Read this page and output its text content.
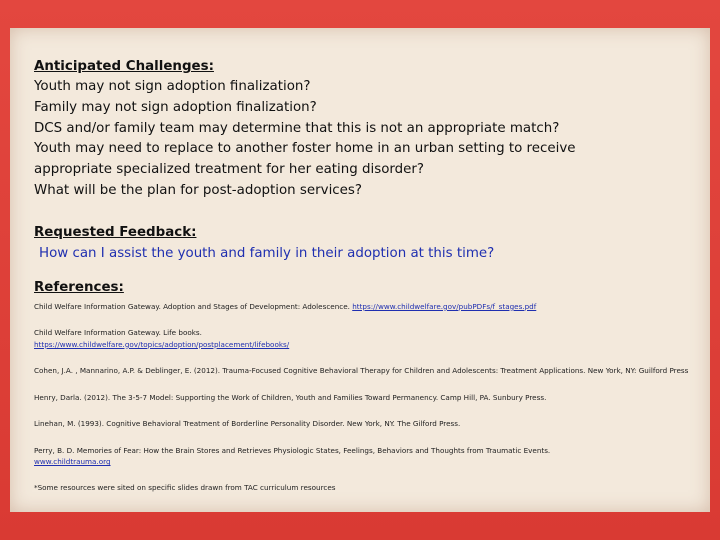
Anticipated Challenges:

Youth may not sign adoption finalization?

Family may not sign adoption finalization?

DCS and/or family team may determine that this is not an appropriate match?

Youth may need to replace to another foster home in an urban setting to receive

appropriate specialized treatment for her eating disorder?

What will be the plan for post-adoption services?

Requested Feedback:

How can I assist the youth and family in their adoption at this time?

References:

Child Welfare Information Gateway. Adoption and Stages of Development: Adolescence. https://www.childwelfare.gov/pubPDFs/f_stages.pdf

Child Welfare Information Gateway. Life books.
https://www.childwelfare.gov/topics/adoption/postplacement/lifebooks/

Cohen, J.A. , Mannarino, A.P. & Deblinger, E. (2012). Trauma-Focused Cognitive Behavioral Therapy for Children and Adolescents: Treatment Applications. New York, NY: Guilford Press

Henry, Darla. (2012). The 3-5-7 Model: Supporting the Work of Children, Youth and Families Toward Permanency. Camp Hill, PA. Sunbury Press.

Linehan, M. (1993). Cognitive Behavioral Treatment of Borderline Personality Disorder. New York, NY. The Gilford Press.

Perry, B. D. Memories of Fear: How the Brain Stores and Retrieves Physiologic States, Feelings, Behaviors and Thoughts from Traumatic Events.
www.childtrauma.org

*Some resources were sited on specific slides drawn from TAC curriculum resources
